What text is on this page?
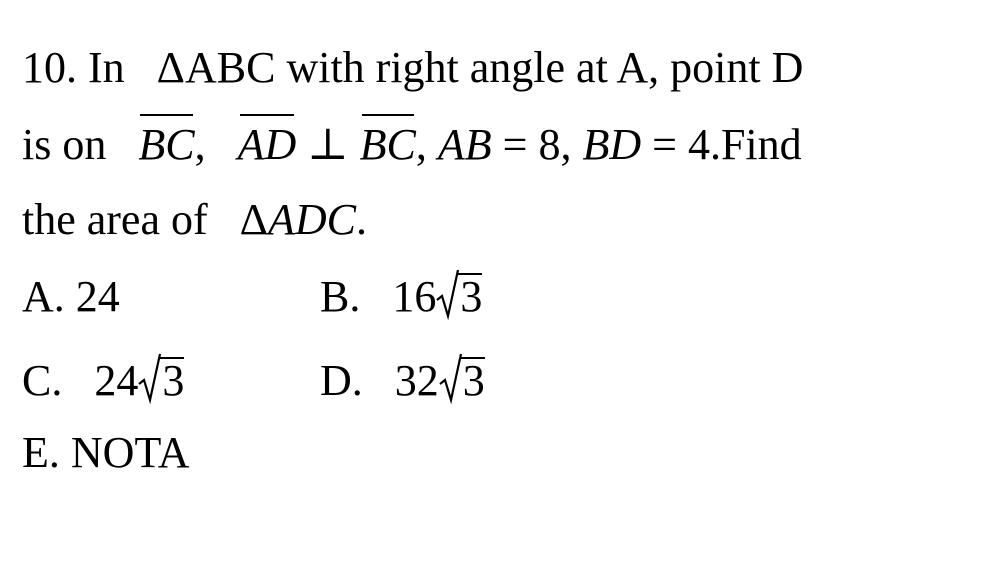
10. In ΔABC with right angle at A, point D
is on BC, AD ⊥ BC, AB = 8, BD = 4.Find
the area of ΔADC.
A. 24	B. 16 3
C. 24 3	D. 32 3
E. NOTA
